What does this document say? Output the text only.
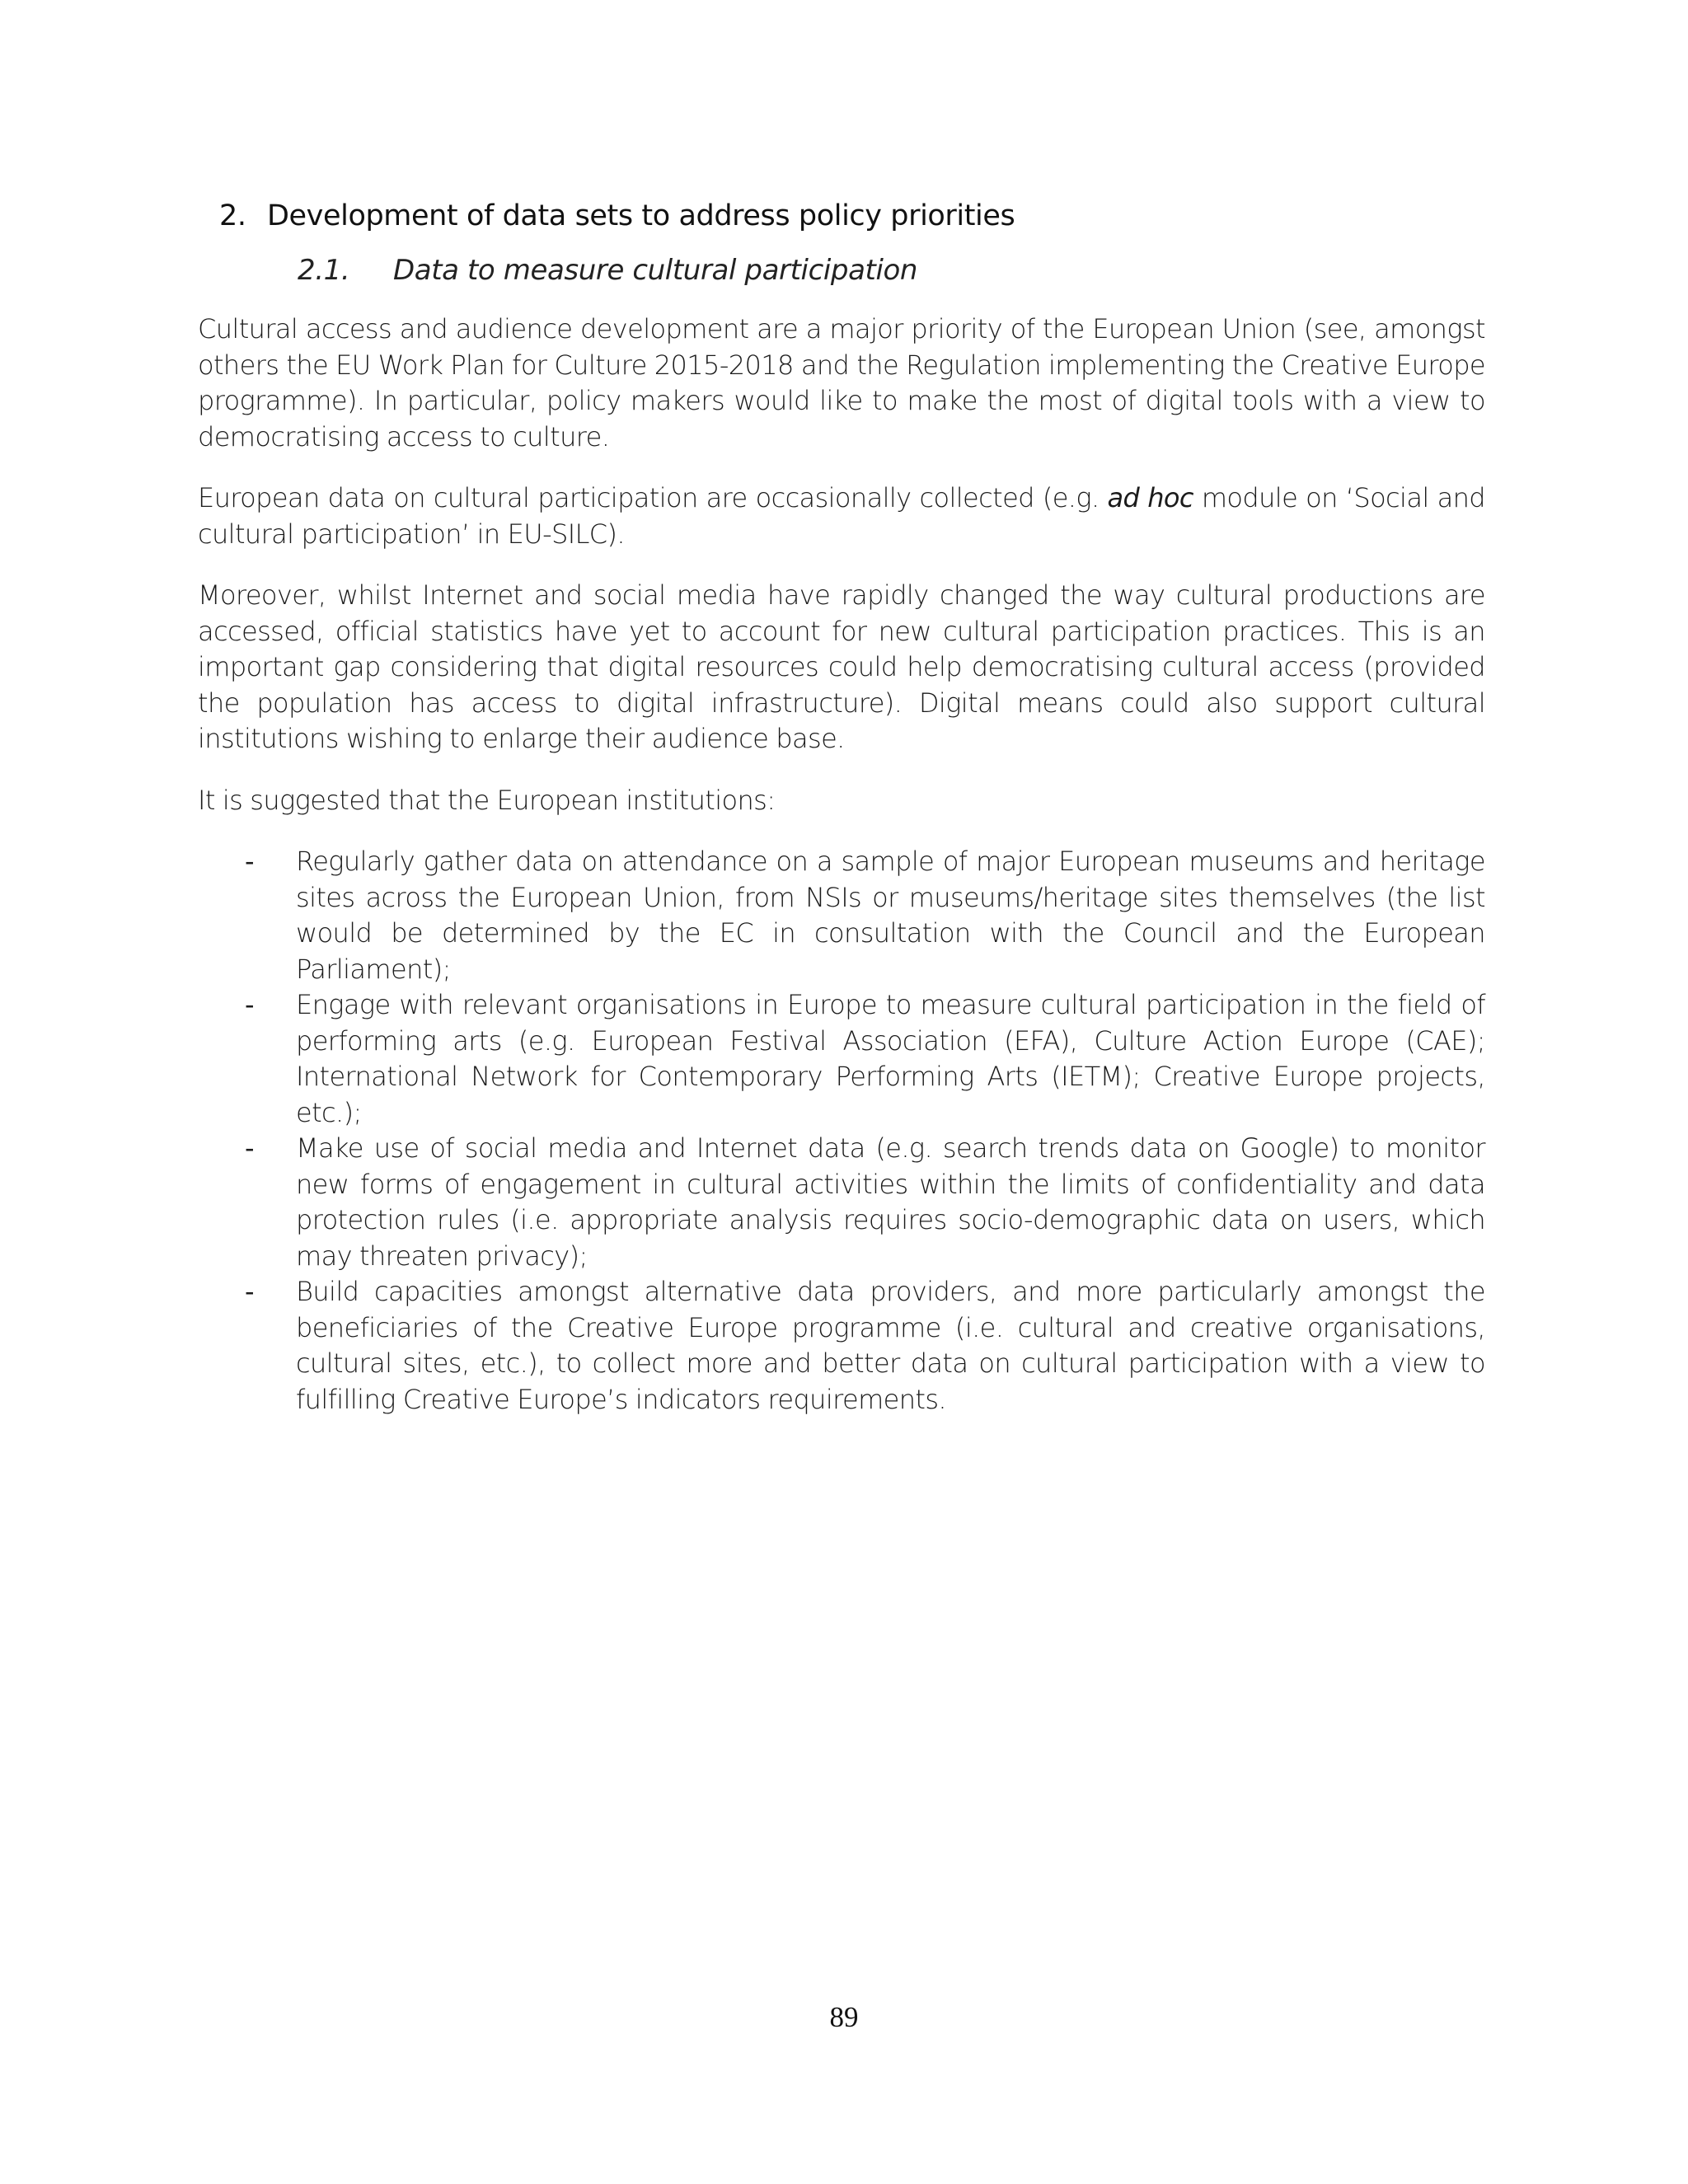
2. Development of data sets to address policy priorities
2.1.	Data to measure cultural participation

Cultural access and audience development are a major priority of the European Union (see, amongst others the EU Work Plan for Culture 2015-2018 and the Regulation implementing the Creative Europe programme). In particular, policy makers would like to make the most of digital tools with a view to democratising access to culture.

European data on cultural participation are occasionally collected (e.g. ad hoc module on ‘Social and cultural participation’ in EU-SILC).

Moreover, whilst Internet and social media have rapidly changed the way cultural productions are accessed, official statistics have yet to account for new cultural participation practices. This is an important gap considering that digital resources could help democratising cultural access (provided the population has access to digital infrastructure). Digital means could also support cultural institutions wishing to enlarge their audience base.

It is suggested that the European institutions:

- Regularly gather data on attendance on a sample of major European museums and heritage sites across the European Union, from NSIs or museums/heritage sites themselves (the list would be determined by the EC in consultation with the Council and the European Parliament);
- Engage with relevant organisations in Europe to measure cultural participation in the field of performing arts (e.g. European Festival Association (EFA), Culture Action Europe (CAE); International Network for Contemporary Performing Arts (IETM); Creative Europe projects, etc.);
- Make use of social media and Internet data (e.g. search trends data on Google) to monitor new forms of engagement in cultural activities within the limits of confidentiality and data protection rules (i.e. appropriate analysis requires socio-demographic data on users, which may threaten privacy);
- Build capacities amongst alternative data providers, and more particularly amongst the beneficiaries of the Creative Europe programme (i.e. cultural and creative organisations, cultural sites, etc.), to collect more and better data on cultural participation with a view to fulfilling Creative Europe’s indicators requirements.
89
